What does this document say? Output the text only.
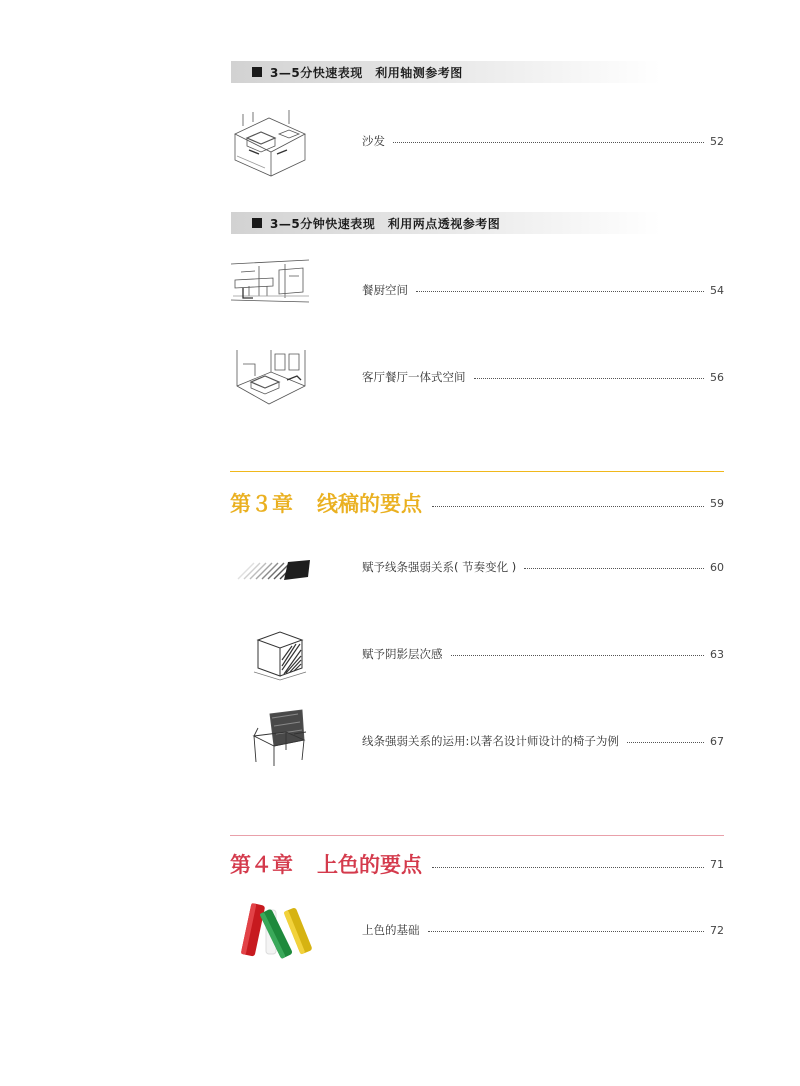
3—5分快速表现　利用轴测参考图
沙发	52
3—5分钟快速表现　利用两点透视参考图
餐厨空间	54
客厅餐厅一体式空间	56
第３章 线稿的要点	59
赋予线条强弱关系( 节奏变化 )	60
赋予阴影层次感	63
线条强弱关系的运用:以著名设计师设计的椅子为例	67
第４章 上色的要点	71
上色的基础	72
